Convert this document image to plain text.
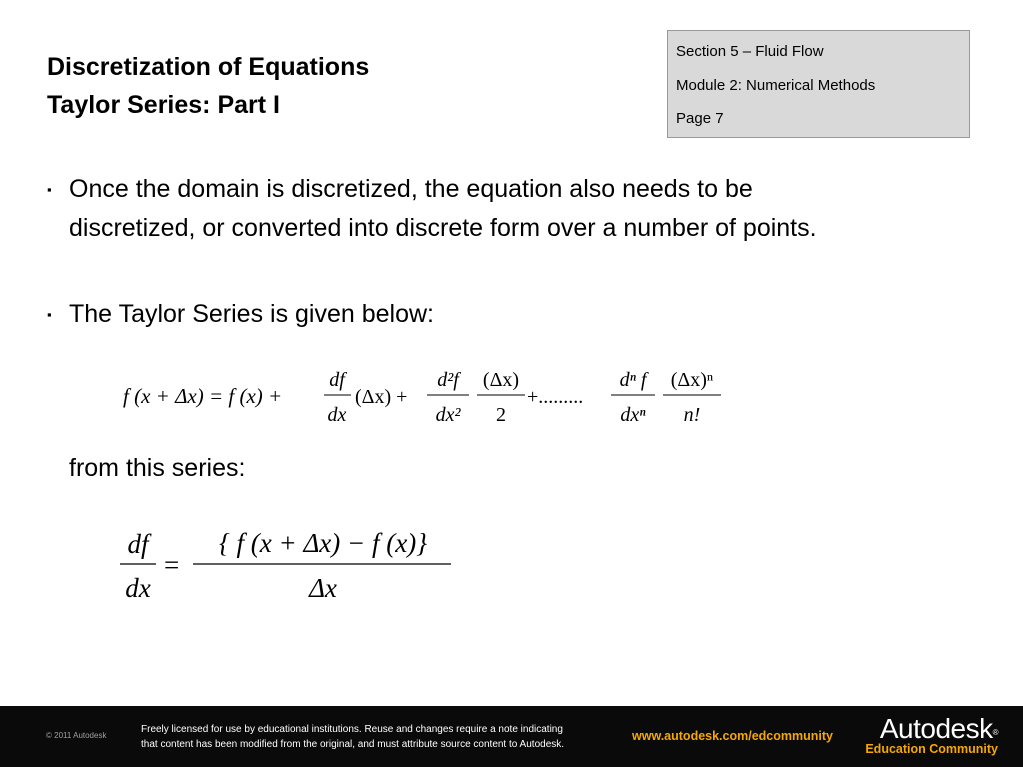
Discretization of Equations
Taylor Series: Part I
Section 5 – Fluid Flow
Module 2: Numerical Methods
Page 7
▪ Once the domain is discretized, the equation also needs to be
discretized, or converted into discrete form over a number of points.
▪ The Taylor Series is given below:
f (x + Δx) = f (x) +
df
dx
(Δx) +
d²f
dx²
(Δx)
2
+.........
dⁿ f
dxⁿ
(Δx)ⁿ
n!
from this series:
df
dx
=
{ f (x + Δx) − f (x)}
Δx
© 2011 Autodesk
Freely licensed for use by educational institutions. Reuse and changes require a note indicating
that content has been modified from the original, and must attribute source content to Autodesk.
www.autodesk.com/edcommunity	Autodesk®
Education Community
